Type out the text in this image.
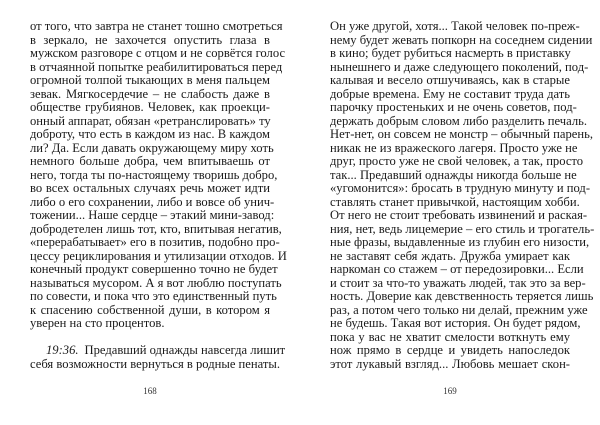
от того, что завтра не станет тошно смотреться
в зеркало, не захочется опустить глаза в
мужском разговоре с отцом и не сорвётся голос
в отчаянной попытке реабилитироваться перед
огромной толпой тыкающих в меня пальцем
зевак. Мягкосердечие – не слабость даже в
обществе грубиянов. Человек, как проекци-
онный аппарат, обязан «ретранслировать» ту
доброту, что есть в каждом из нас. В каждом
ли? Да. Если давать окружающему миру хоть
немного больше добра, чем впитываешь от
него, тогда ты по-настоящему творишь добро,
во всех остальных случаях речь может идти
либо о его сохранении, либо и вовсе об унич-
тожении... Наше сердце – этакий мини-завод:
добродетелен лишь тот, кто, впитывая негатив,
«перерабатывает» его в позитив, подобно про-
цессу рециклирования и утилизации отходов. И
конечный продукт совершенно точно не будет
называться мусором. А я вот люблю поступать
по совести, и пока что это единственный путь
к спасению собственной души, в котором я
уверен на сто процентов.
19:36. Предавший однажды навсегда лишит
себя возможности вернуться в родные пенаты.
Он уже другой, хотя... Такой человек по-преж-
нему будет жевать попкорн на соседнем сидении
в кино; будет рубиться насмерть в приставку
нынешнего и даже следующего поколений, под-
калывая и весело отшучиваясь, как в старые
добрые времена. Ему не составит труда дать
парочку простеньких и не очень советов, под-
держать добрым словом либо разделить печаль.
Нет-нет, он совсем не монстр – обычный парень,
никак не из вражеского лагеря. Просто уже не
друг, просто уже не свой человек, а так, просто
так... Предавший однажды никогда больше не
«угомонится»: бросать в трудную минуту и под-
ставлять станет привычкой, настоящим хобби.
От него не стоит требовать извинений и раская-
ния, нет, ведь лицемерие – его стиль и трогатель-
ные фразы, выдавленные из глубин его низости,
не заставят себя ждать. Дружба умирает как
наркоман со стажем – от передозировки... Если
и стоит за что-то уважать людей, так это за вер-
ность. Доверие как девственность теряется лишь
раз, а потом чего только ни делай, прежним уже
не будешь. Такая вот история. Он будет рядом,
пока у вас не хватит смелости воткнуть ему
нож прямо в сердце и увидеть напоследок
этот лукавый взгляд... Любовь мешает скон-
168	169
